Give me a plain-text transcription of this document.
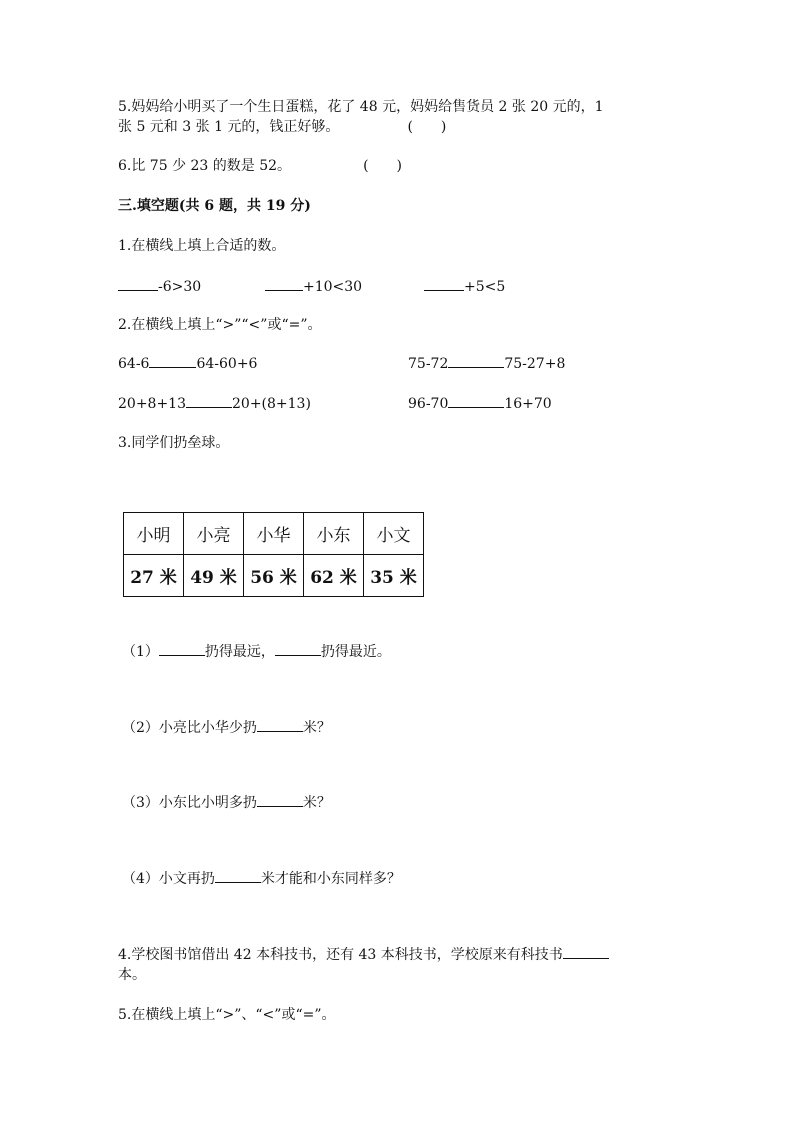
5.妈妈给小明买了一个生日蛋糕，花了 48 元，妈妈给售货员 2 张 20 元的，1
张 5 元和 3 张 1 元的，钱正好够。	(　　)
6.比 75 少 23 的数是 52。	(　　)
三.填空题(共 6 题，共 19 分)
1.在横线上填上合适的数。
-6>30	+10<30	+5<5
2.在横线上填上“>”“<”或“=”。
64-6	64-60+6	75-72	75-27+8
20+8+13	20+(8+13)	96-70	16+70
3.同学们扔垒球。
小明	小亮	小华	小东	小文
27 米	49 米	56 米	62 米	35 米
（1）	扔得最远，	扔得最近。
（2）小亮比小华少扔	米？
（3）小东比小明多扔	米？
（4）小文再扔	米才能和小东同样多？
4.学校图书馆借出 42 本科技书，还有 43 本科技书，学校原来有科技书
本。
5.在横线上填上“>”、“<”或“=”。
